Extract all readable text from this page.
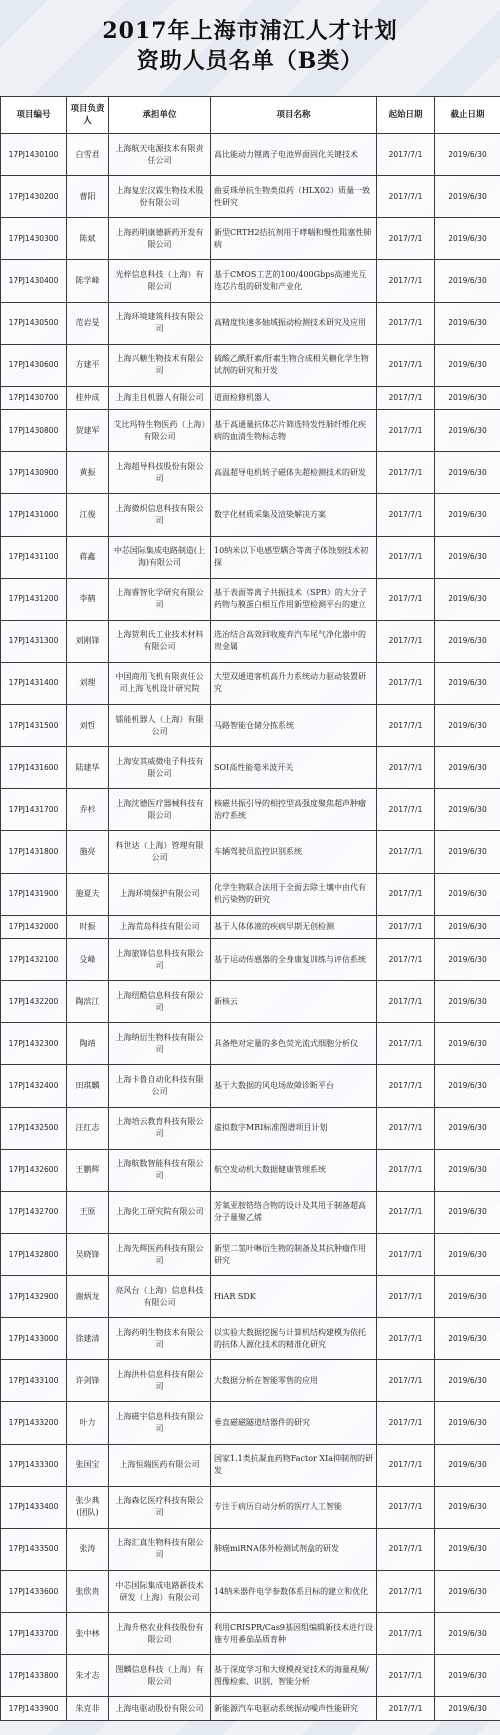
2017年上海市浦江人才计划
资助人员名单（B类）
项目编号	项目负责人	承担单位	项目名称	起始日期	截止日期
17PJ1430100	白雪君	上海航天电源技术有限责任公司	高比能动力锂离子电池界面固化关键技术	2017/7/1	2019/6/30
17PJ1430200	曹阳	上海复宏汉霖生物技术股份有限公司	曲妥珠单抗生物类似药（HLX02）质量一致性研究	2017/7/1	2019/6/30
17PJ1430300	陈斌	上海药明康德新药开发有限公司	新型CRTH2拮抗剂用于哮喘和慢性阻塞性肺病	2017/7/1	2019/6/30
17PJ1430400	陈学峰	光梓信息科技（上海）有限公司	基于CMOS工艺的100/400Gbps高速光互连芯片组的研发和产业化	2017/7/1	2019/6/30
17PJ1430500	范岩旻	上海环境建筑科技有限公司	高精度快速多轴域振动检测技术研究及应用	2017/7/1	2019/6/30
17PJ1430600	方建平	上海兴糖生物技术有限公司	硫酸乙酰肝素/肝素生物合成相关糖化学生物试剂的研究和开发	2017/7/1	2019/6/30
17PJ1430700	桂仲成	上海圭目机器人有限公司	道面检修机器人	2017/7/1	2019/6/30
17PJ1430800	贺建军	艾比玛特生物医药（上海）有限公司	基于高通量抗体芯片筛选特发性肺纤维化疾病的血清生物标志物	2017/7/1	2019/6/30
17PJ1430900	黄振	上海超导科技股份有限公司	高温超导电机转子磁体失超检测技术的研发	2017/7/1	2019/6/30
17PJ1431000	江俊	上海微炽信息科技有限公司	数字化材质采集及渲染解决方案	2017/7/1	2019/6/30
17PJ1431100	蒋鑫	中芯国际集成电路制造(上海)有限公司	10纳米以下电感型耦合等离子体蚀刻技术初探	2017/7/1	2019/6/30
17PJ1431200	李鹤	上海睿智化学研究有限公司	基于表面等离子共振技术（SPR）的大分子药物与膜蛋白相互作用新型检测平台的建立	2017/7/1	2019/6/30
17PJ1431300	刘刚锋	上海贺利氏工业技术材料有限公司	选冶结合高效回收废弃汽车尾气净化器中的贵金属	2017/7/1	2019/6/30
17PJ1431400	刘理	中国商用飞机有限责任公司上海飞机设计研究院	大型双通道客机高升力系统动力驱动装置研究	2017/7/1	2019/6/30
17PJ1431500	刘哲	镭能机器人（上海）有限公司	马路智能仓储分拣系统	2017/7/1	2019/6/30
17PJ1431600	陆建华	上海安其威微电子科技有限公司	SOI高性能毫米波开关	2017/7/1	2019/6/30
17PJ1431700	乔杉	上海沈德医疗器械科技有限公司	核磁共振引导的相控型高强度聚焦超声肿瘤治疗系统	2017/7/1	2019/6/30
17PJ1431800	施亮	科世达（上海）管理有限公司	车辆驾驶员监控识别系统	2017/7/1	2019/6/30
17PJ1431900	施夏夫	上海环境保护有限公司	化学生物联合法用于全面去除土壤中由代有机污染物的研究	2017/7/1	2019/6/30
17PJ1432000	时振	上海荒岛科技有限公司	基于人体体液的疾病早期无创检测	2017/7/1	2019/6/30
17PJ1432100	殳峰	上海旅锋信息科技有限公司	基于运动传感器的全身康复训练与评估系统	2017/7/1	2019/6/30
17PJ1432200	陶滨江	上海纽酷信息科技有限公司	新核云	2017/7/1	2019/6/30
17PJ1432300	陶靖	上海纳衍生物科技有限公司	具备绝对定量的多色荧光流式细胞分析仪	2017/7/1	2019/6/30
17PJ1432400	田琪麟	上海卡鲁自动化科技有限公司	基于大数据的风电场故障诊断平台	2017/7/1	2019/6/30
17PJ1432500	汪红志	上海培云教育科技有限公司	虚拟数字MRI标准图谱项目计划	2017/7/1	2019/6/30
17PJ1432600	王鹏辉	上海航数智能科技有限公司	航空发动机大数据健康管理系统	2017/7/1	2019/6/30
17PJ1432700	王原	上海化工研究院有限公司	芳氧亚胺锆络合物的设计及其用于制备超高分子量聚乙烯	2017/7/1	2019/6/30
17PJ1432800	吴晓锋	上海先辉医药科技有限公司	新型二氢叶啉衍生物的制备及其抗肿瘤作用研究	2017/7/1	2019/6/30
17PJ1432900	谢炳龙	亮风台（上海）信息科技有限公司	HiAR SDK	2017/7/1	2019/6/30
17PJ1433000	徐建清	上海药明生物技术有限公司	以实验大数据挖掘与计算机结构建模为依托的抗体人源化技术的精准化研究	2017/7/1	2019/6/30
17PJ1433100	许剑锋	上海洪朴信息科技有限公司	大数据分析在智能零售的应用	2017/7/1	2019/6/30
17PJ1433200	叶力	上海磁宇信息科技有限公司	垂直磁磁隧道结器件的研究	2017/7/1	2019/6/30
17PJ1433300	张国宝	上海恒瑞医药有限公司	国家1.1类抗凝血药物Factor XIa抑制剂的研发	2017/7/1	2019/6/30
17PJ1433400	张少典(团队)	上海森亿医疗科技有限公司	专注于病历自动分析的医疗人工智能	2017/7/1	2019/6/30
17PJ1433500	张涛	上海汇真生物科技有限公司	肺癌miRNA体外检测试剂盒的研发	2017/7/1	2019/6/30
17PJ1433600	张欣贵	中芯国际集成电路新技术研发（上海）有限公司	14纳米器件电学参数体系目标的建立和优化	2017/7/1	2019/6/30
17PJ1433700	张中林	上海升格农业科技股份有限公司	利用CRISPR/Cas9基因组编辑新技术进行设施专用番茄品质育种	2017/7/1	2019/6/30
17PJ1433800	朱才志	图麟信息科技（上海）有限公司	基于深度学习和大规模视觉技术的海量视频/图像检索、识别、智能分析	2017/7/1	2019/6/30
17PJ1433900	朱克非	上海电驱动股份有限公司	新能源汽车电驱动系统振动噪声性能研究	2017/7/1	2019/6/30
